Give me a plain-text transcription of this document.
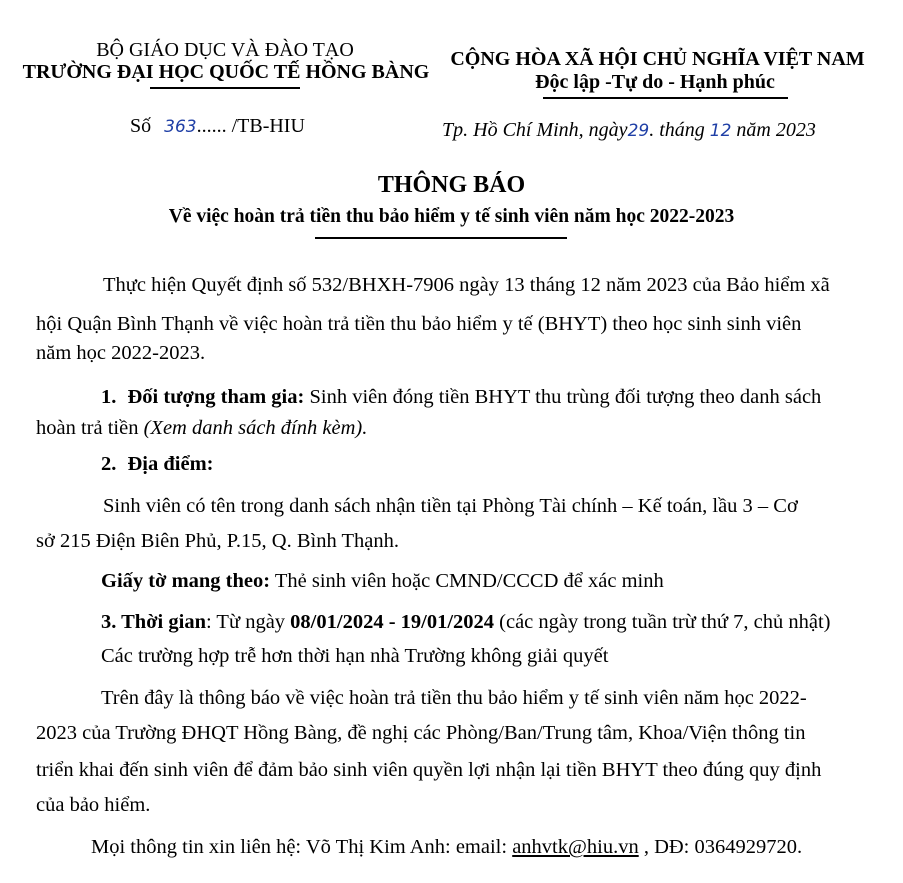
BỘ GIÁO DỤC VÀ ĐÀO TẠO
TRƯỜNG ĐẠI HỌC QUỐC TẾ HỒNG BÀNG
CỘNG HÒA XÃ HỘI CHỦ NGHĨA VIỆT NAM
Độc lập -Tự do - Hạnh phúc
Số 363...... /TB-HIU	Tp. Hồ Chí Minh, ngày29. tháng 12 năm 2023
THÔNG BÁO
Về việc hoàn trả tiền thu bảo hiểm y tế sinh viên năm học 2022-2023
Thực hiện Quyết định số 532/BHXH-7906 ngày 13 tháng 12 năm 2023 của Bảo hiểm xã
hội Quận Bình Thạnh về việc hoàn trả tiền thu bảo hiểm y tế (BHYT) theo học sinh sinh viên
năm học 2022-2023.
1. Đối tượng tham gia: Sinh viên đóng tiền BHYT thu trùng đối tượng theo danh sách
hoàn trả tiền (Xem danh sách đính kèm).
2. Địa điểm:
Sinh viên có tên trong danh sách nhận tiền tại Phòng Tài chính – Kế toán, lầu 3 – Cơ
sở 215 Điện Biên Phủ, P.15, Q. Bình Thạnh.
Giấy tờ mang theo: Thẻ sinh viên hoặc CMND/CCCD để xác minh
3. Thời gian: Từ ngày 08/01/2024 - 19/01/2024 (các ngày trong tuần trừ thứ 7, chủ nhật)
Các trường hợp trễ hơn thời hạn nhà Trường không giải quyết
Trên đây là thông báo về việc hoàn trả tiền thu bảo hiểm y tế sinh viên năm học 2022-
2023 của Trường ĐHQT Hồng Bàng, đề nghị các Phòng/Ban/Trung tâm, Khoa/Viện thông tin
triển khai đến sinh viên để đảm bảo sinh viên quyền lợi nhận lại tiền BHYT theo đúng quy định
của bảo hiểm.
Mọi thông tin xin liên hệ: Võ Thị Kim Anh: email: anhvtk@hiu.vn , DĐ: 0364929720.
